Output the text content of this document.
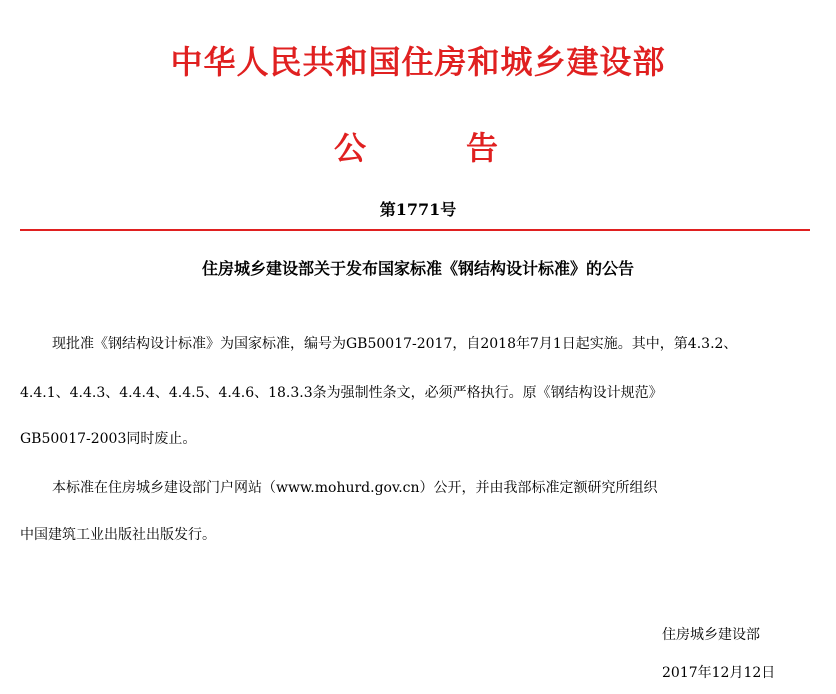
中华人民共和国住房和城乡建设部
公	告
第1771号
住房城乡建设部关于发布国家标准《钢结构设计标准》的公告
现批准《钢结构设计标准》为国家标准，编号为GB50017-2017，自2018年7月1日起实施。其中，第4.3.2、
4.4.1、4.4.3、4.4.4、4.4.5、4.4.6、18.3.3条为强制性条文，必须严格执行。原《钢结构设计规范》
GB50017-2003同时废止。
本标准在住房城乡建设部门户网站（www.mohurd.gov.cn）公开，并由我部标准定额研究所组织
中国建筑工业出版社出版发行。
住房城乡建设部
2017年12月12日
